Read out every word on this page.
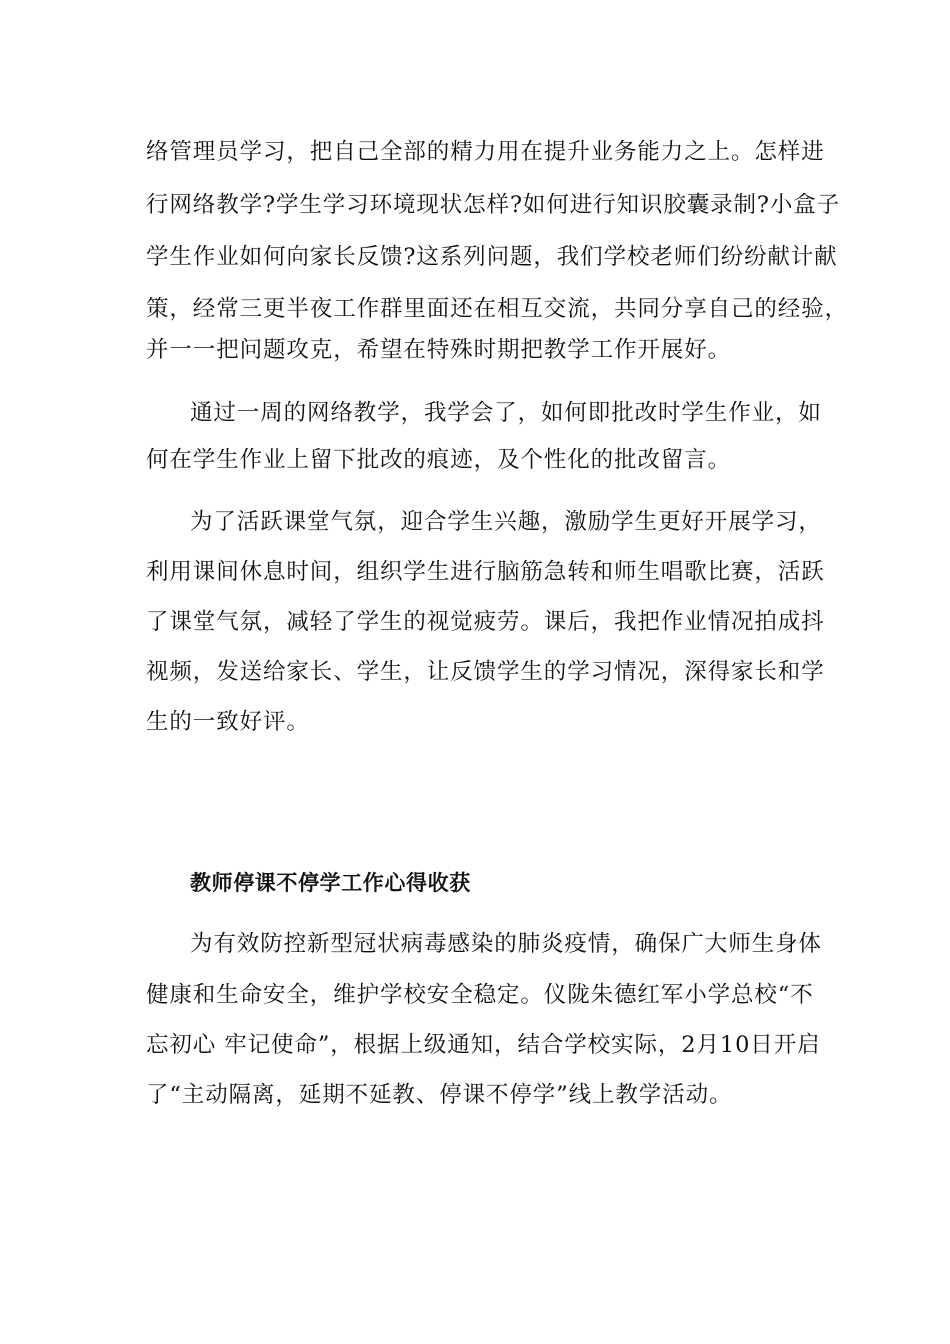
络管理员学习，把自己全部的精力用在提升业务能力之上。怎样进

行网络教学?学生学习环境现状怎样?如何进行知识胶囊录制?小盒子

学生作业如何向家长反馈?这系列问题，我们学校老师们纷纷献计献

策，经常三更半夜工作群里面还在相互交流，共同分享自己的经验，

并一一把问题攻克，希望在特殊时期把教学工作开展好。

通过一周的网络教学，我学会了，如何即批改时学生作业，如

何在学生作业上留下批改的痕迹，及个性化的批改留言。

为了活跃课堂气氛，迎合学生兴趣，激励学生更好开展学习，

利用课间休息时间，组织学生进行脑筋急转和师生唱歌比赛，活跃

了课堂气氛，减轻了学生的视觉疲劳。课后，我把作业情况拍成抖

视频，发送给家长、学生，让反馈学生的学习情况，深得家长和学

生的一致好评。

教师停课不停学工作心得收获

为有效防控新型冠状病毒感染的肺炎疫情，确保广大师生身体

健康和生命安全，维护学校安全稳定。仪陇朱德红军小学总校“不

忘初心 牢记使命”，根据上级通知，结合学校实际，2月10日开启

了“主动隔离，延期不延教、停课不停学”线上教学活动。
